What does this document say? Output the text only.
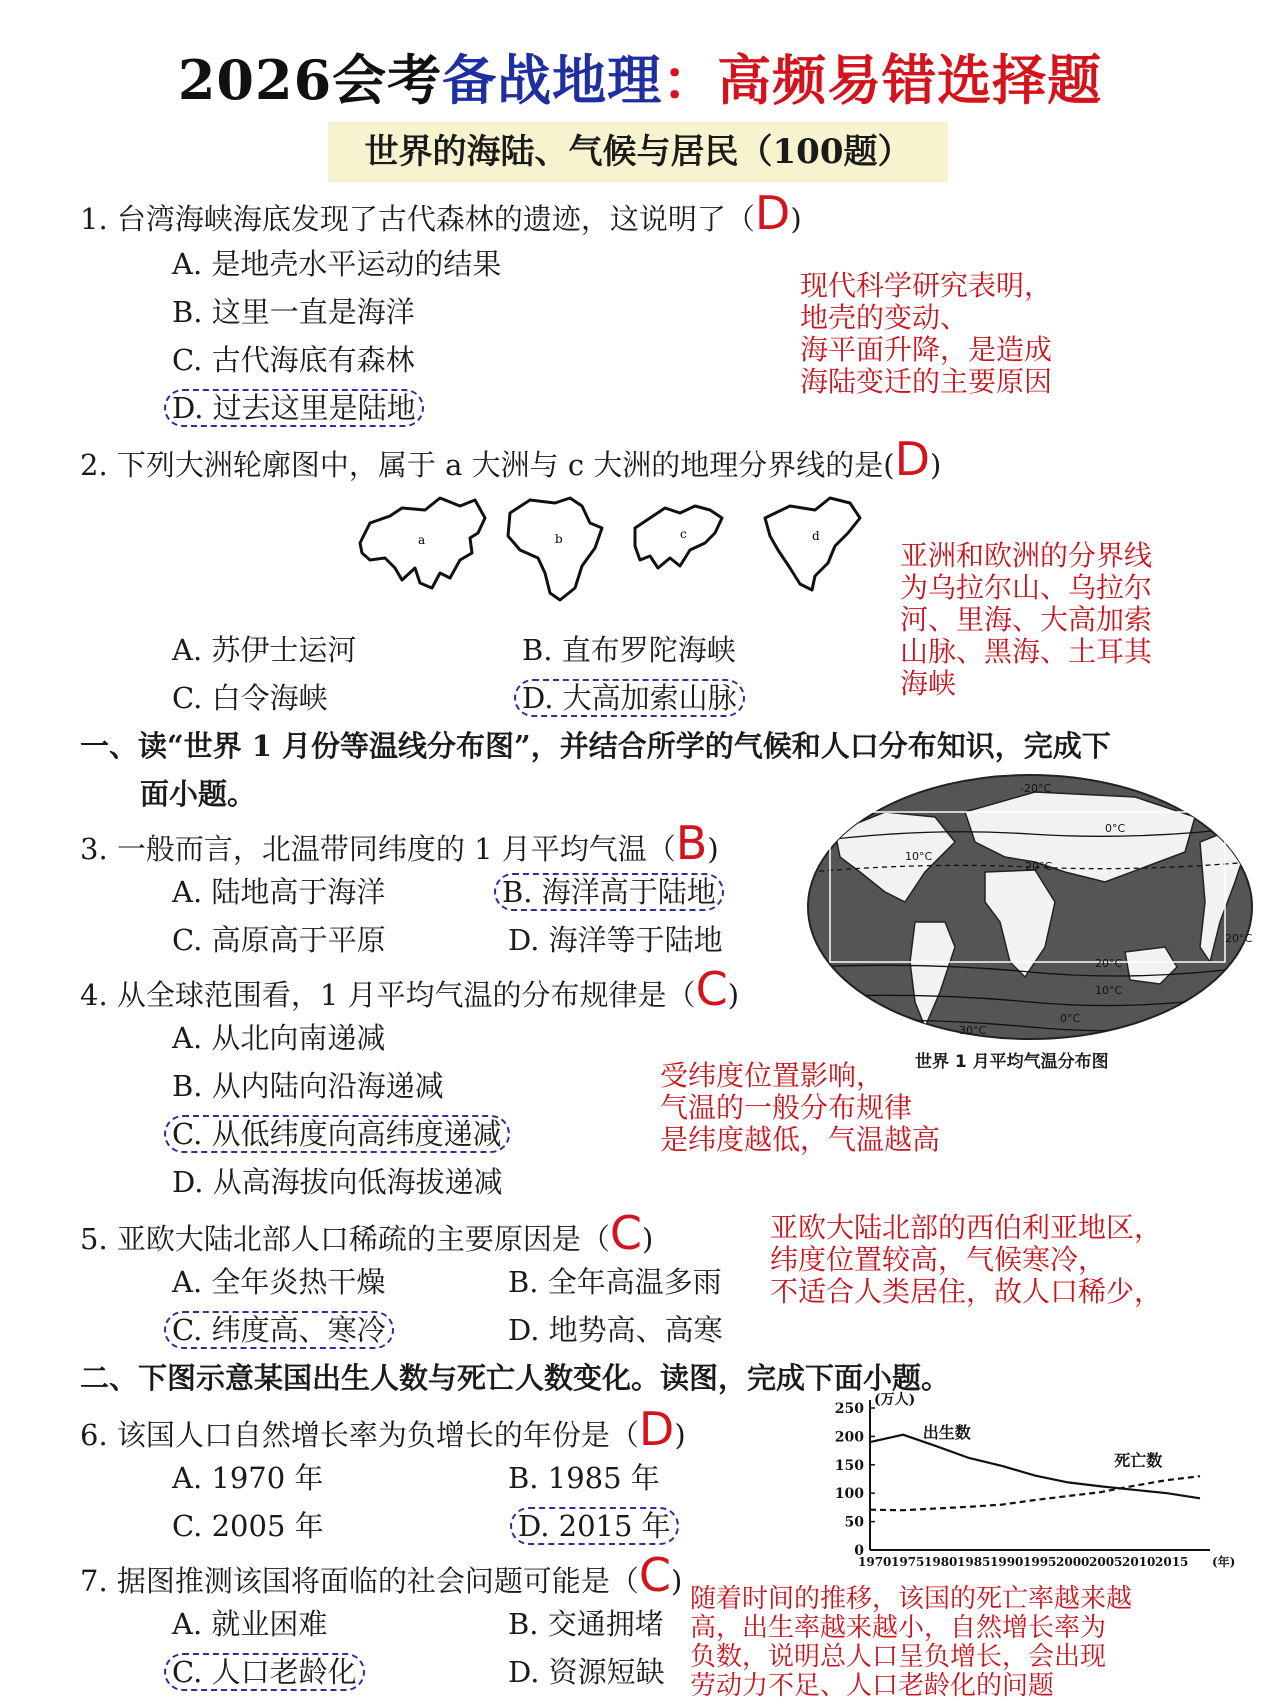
2026会考备战地理：高频易错选择题
世界的海陆、气候与居民（100题）
1. 台湾海峡海底发现了古代森林的遗迹，这说明了（D)
A. 是地壳水平运动的结果
B. 这里一直是海洋
C. 古代海底有森林
D. 过去这里是陆地
现代科学研究表明，
地壳的变动、
海平面升降，是造成
海陆变迁的主要原因
2. 下列大洲轮廓图中，属于 a 大洲与 c 大洲的地理分界线的是(D)
a	b	c	d
A. 苏伊士运河	B. 直布罗陀海峡
C. 白令海峡	D. 大高加索山脉
亚洲和欧洲的分界线
为乌拉尔山、乌拉尔
河、里海、大高加索
山脉、黑海、土耳其
海峡
一、读“世界 1 月份等温线分布图”，并结合所学的气候和人口分布知识，完成下
面小题。
3. 一般而言，北温带同纬度的 1 月平均气温（B)
A. 陆地高于海洋	B. 海洋高于陆地
C. 高原高于平原	D. 海洋等于陆地
-20°C
0°C
10°C
20°C
20°C
10°C
0°C
-30°C
20°C
世界 1 月平均气温分布图
4. 从全球范围看，1 月平均气温的分布规律是（C)
A. 从北向南递减
B. 从内陆向沿海递减
C. 从低纬度向高纬度递减
D. 从高海拔向低海拔递减
受纬度位置影响，
气温的一般分布规律
是纬度越低，气温越高
5. 亚欧大陆北部人口稀疏的主要原因是（C)
A. 全年炎热干燥	B. 全年高温多雨
C. 纬度高、寒冷	D. 地势高、高寒
亚欧大陆北部的西伯利亚地区，
纬度位置较高，气候寒冷，
不适合人类居住，故人口稀少，
二、下图示意某国出生人数与死亡人数变化。读图，完成下面小题。
6. 该国人口自然增长率为负增长的年份是（D)
A. 1970 年	B. 1985 年
C. 2005 年	D. 2015 年
0
50
100
150
200
250
1970 1975 1980 1985 1990 1995 2000 2005 2010 2015
(万人)
(年)
出生数
死亡数
7. 据图推测该国将面临的社会问题可能是（C)
A. 就业困难	B. 交通拥堵
C. 人口老龄化	D. 资源短缺
随着时间的推移，该国的死亡率越来越
高，出生率越来越小，自然增长率为
负数，说明总人口呈负增长，会出现
劳动力不足、人口老龄化的问题
